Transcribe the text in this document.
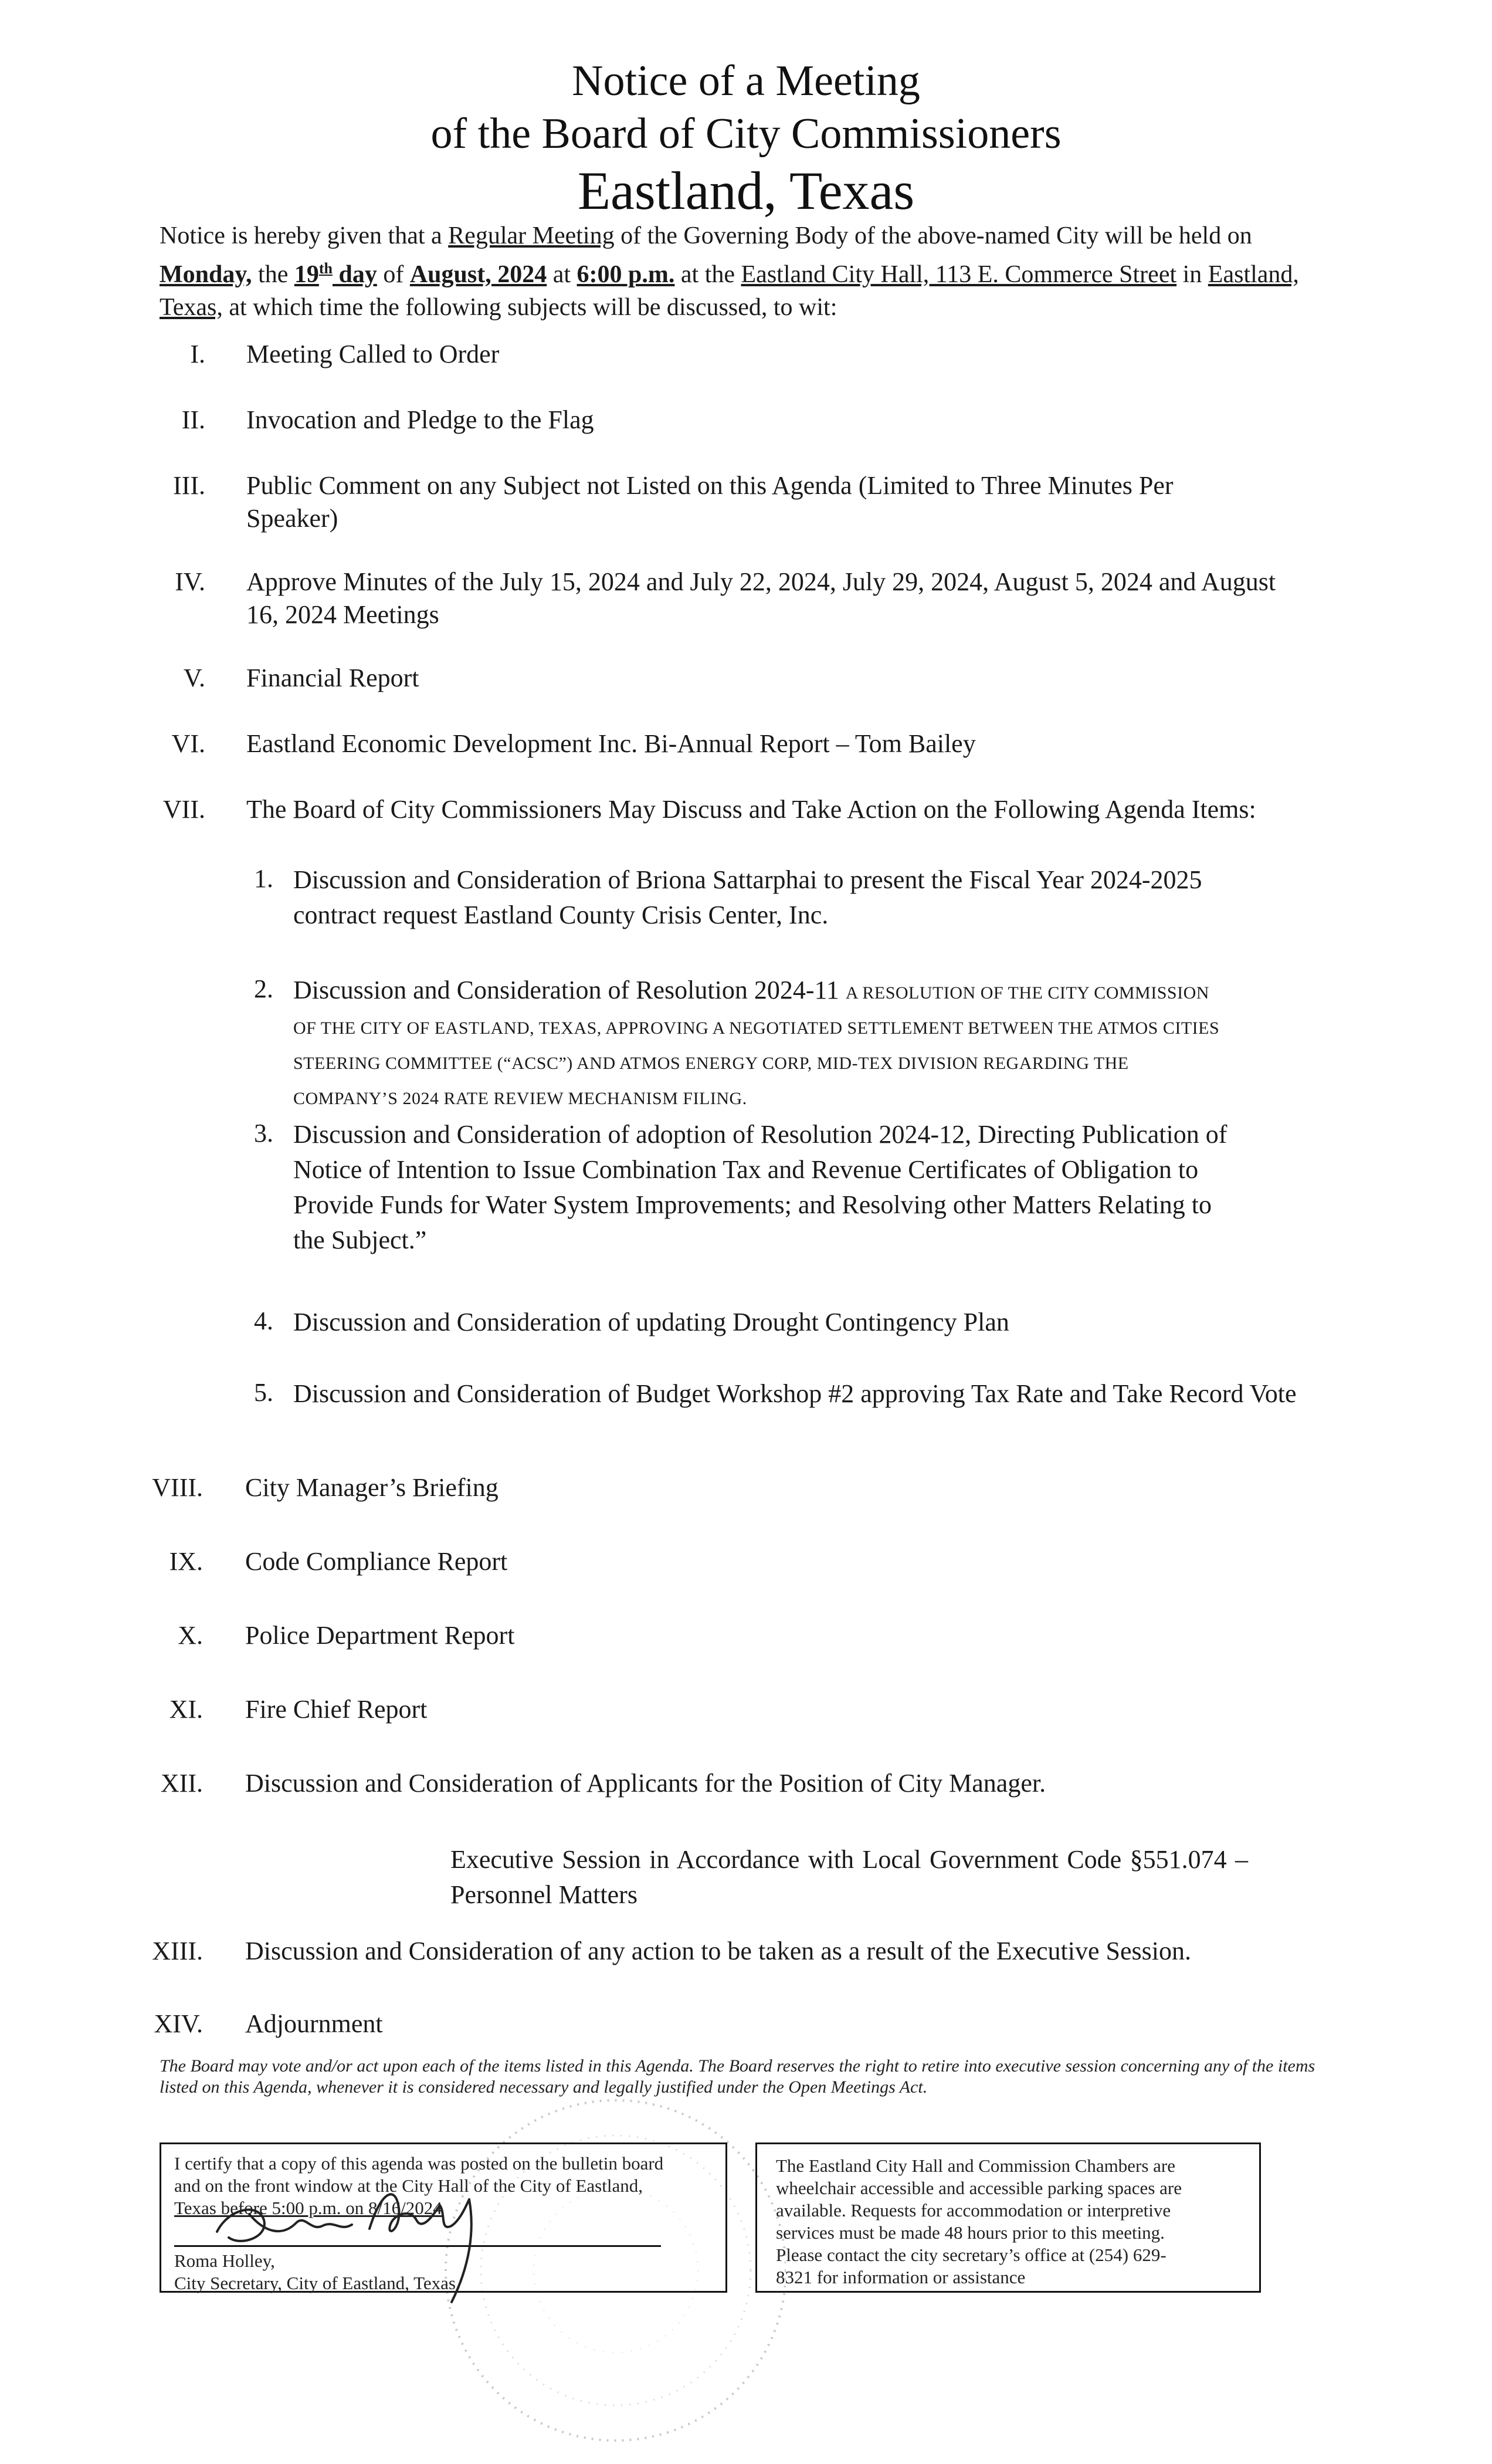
Notice of a Meeting
of the Board of City Commissioners
Eastland, Texas
Notice is hereby given that a Regular Meeting of the Governing Body of the above-named City will be held on Monday, the 19th day of August, 2024 at 6:00 p.m. at the Eastland City Hall, 113 E. Commerce Street in Eastland, Texas, at which time the following subjects will be discussed, to wit:
I. Meeting Called to Order
II. Invocation and Pledge to the Flag
III. Public Comment on any Subject not Listed on this Agenda (Limited to Three Minutes Per Speaker)
IV. Approve Minutes of the July 15, 2024 and July 22, 2024, July 29, 2024, August 5, 2024 and August 16, 2024 Meetings
V. Financial Report
VI. Eastland Economic Development Inc. Bi-Annual Report – Tom Bailey
VII. The Board of City Commissioners May Discuss and Take Action on the Following Agenda Items:
1. Discussion and Consideration of Briona Sattarphai to present the Fiscal Year 2024-2025 contract request Eastland County Crisis Center, Inc.
2. Discussion and Consideration of Resolution 2024-11 A RESOLUTION OF THE CITY COMMISSION OF THE CITY OF EASTLAND, TEXAS, APPROVING A NEGOTIATED SETTLEMENT BETWEEN THE ATMOS CITIES STEERING COMMITTEE (“ACSC”) AND ATMOS ENERGY CORP, MID-TEX DIVISION REGARDING THE COMPANY’S 2024 RATE REVIEW MECHANISM FILING.
3. Discussion and Consideration of adoption of Resolution 2024-12, Directing Publication of Notice of Intention to Issue Combination Tax and Revenue Certificates of Obligation to Provide Funds for Water System Improvements; and Resolving other Matters Relating to the Subject.”
4. Discussion and Consideration of updating Drought Contingency Plan
5. Discussion and Consideration of Budget Workshop #2 approving Tax Rate and Take Record Vote
VIII. City Manager’s Briefing
IX. Code Compliance Report
X. Police Department Report
XI. Fire Chief Report
XII. Discussion and Consideration of Applicants for the Position of City Manager.
Executive Session in Accordance with Local Government Code §551.074 – Personnel Matters
XIII. Discussion and Consideration of any action to be taken as a result of the Executive Session.
XIV. Adjournment
The Board may vote and/or act upon each of the items listed in this Agenda. The Board reserves the right to retire into executive session concerning any of the items listed on this Agenda, whenever it is considered necessary and legally justified under the Open Meetings Act.
I certify that a copy of this agenda was posted on the bulletin board
and on the front window at the City Hall of the City of Eastland,
Texas before 5:00 p.m. on 8/16/2024
Roma Holley,
City Secretary, City of Eastland, Texas
The Eastland City Hall and Commission Chambers are
wheelchair accessible and accessible parking spaces are
available. Requests for accommodation or interpretive
services must be made 48 hours prior to this meeting.
Please contact the city secretary’s office at (254) 629-
8321 for information or assistance
